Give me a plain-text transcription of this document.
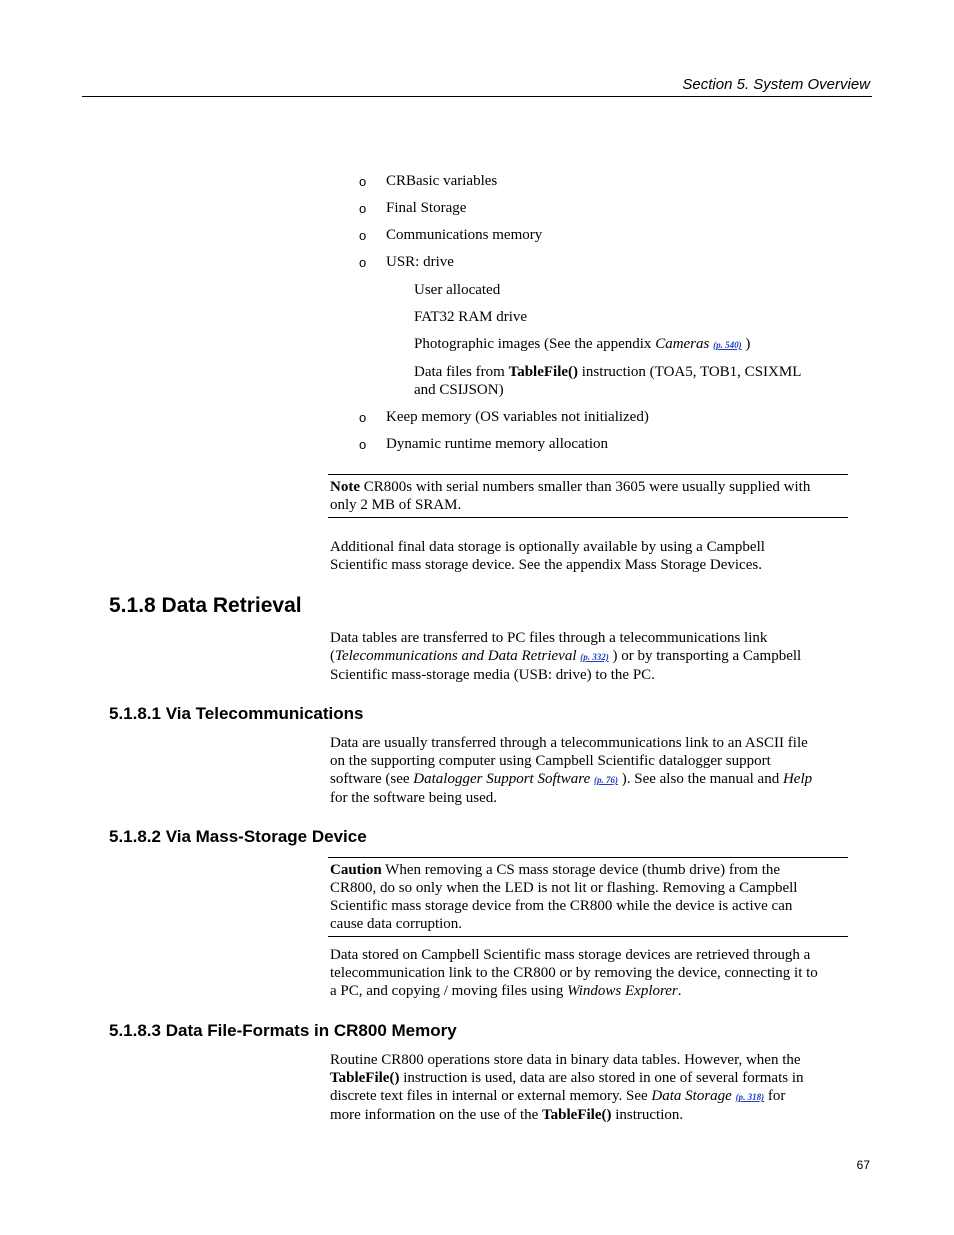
Section 5. System Overview
o CRBasic variables
o Final Storage
o Communications memory
o USR: drive
User allocated
FAT32 RAM drive
Photographic images (See the appendix Cameras (p. 540) )
Data files from TableFile() instruction (TOA5, TOB1, CSIXML
and CSIJSON)
o Keep memory (OS variables not initialized)
o Dynamic runtime memory allocation
Note CR800s with serial numbers smaller than 3605 were usually supplied with
only 2 MB of SRAM.
Additional final data storage is optionally available by using a Campbell
Scientific mass storage device. See the appendix Mass Storage Devices.
5.1.8 Data Retrieval
Data tables are transferred to PC files through a telecommunications link
(Telecommunications and Data Retrieval (p. 332) ) or by transporting a Campbell
Scientific mass-storage media (USB: drive) to the PC.
5.1.8.1 Via Telecommunications
Data are usually transferred through a telecommunications link to an ASCII file
on the supporting computer using Campbell Scientific datalogger support
software (see Datalogger Support Software (p. 76) ). See also the manual and Help
for the software being used.
5.1.8.2 Via Mass-Storage Device
Caution When removing a CS mass storage device (thumb drive) from the
CR800, do so only when the LED is not lit or flashing. Removing a Campbell
Scientific mass storage device from the CR800 while the device is active can
cause data corruption.
Data stored on Campbell Scientific mass storage devices are retrieved through a
telecommunication link to the CR800 or by removing the device, connecting it to
a PC, and copying / moving files using Windows Explorer.
5.1.8.3 Data File-Formats in CR800 Memory
Routine CR800 operations store data in binary data tables. However, when the
TableFile() instruction is used, data are also stored in one of several formats in
discrete text files in internal or external memory. See Data Storage (p. 318) for
more information on the use of the TableFile() instruction.
67
